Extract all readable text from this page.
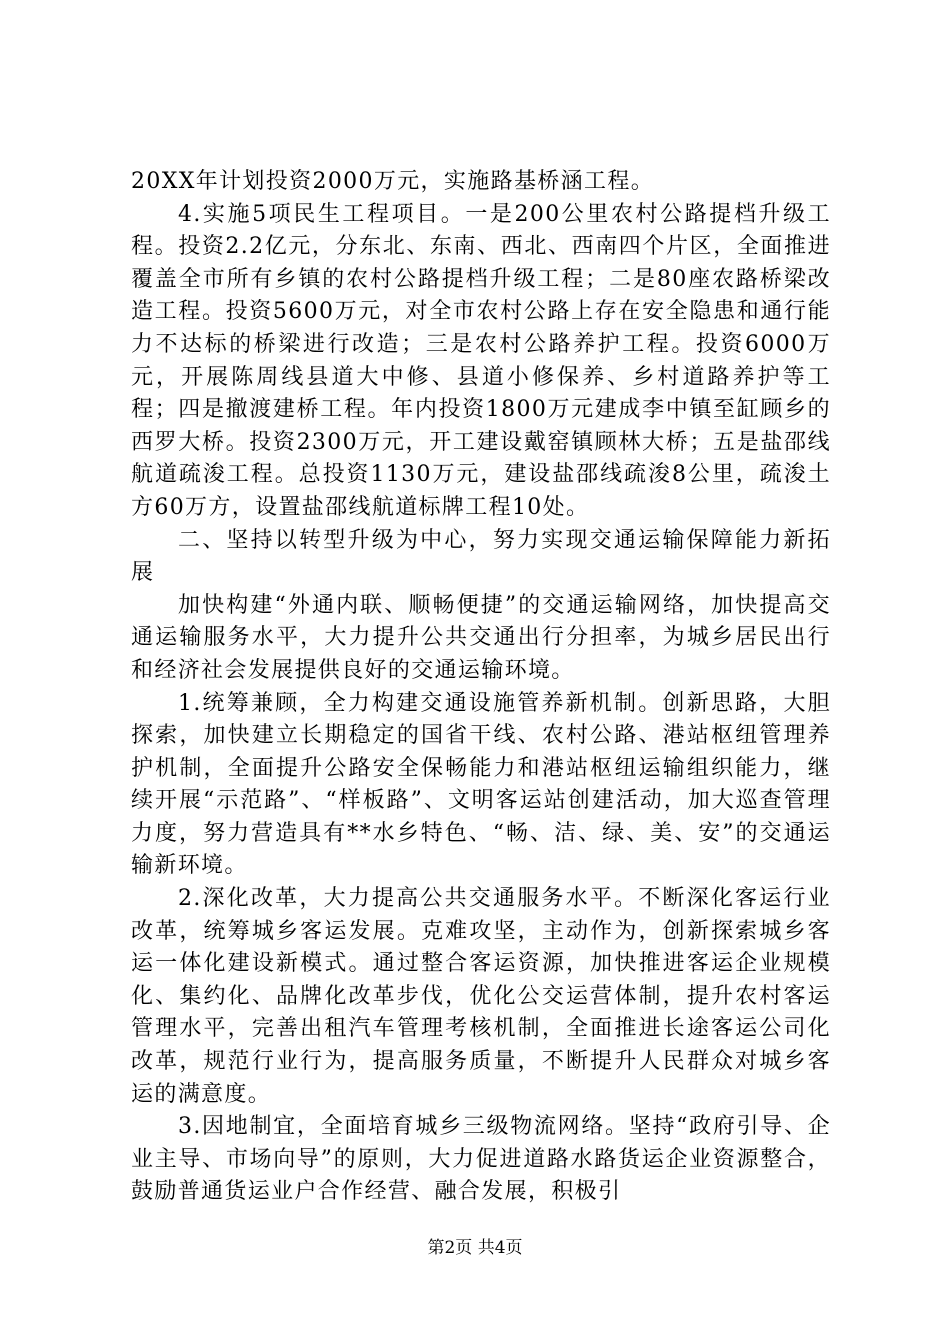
20XX年计划投资2000万元，实施路基桥涵工程。

4.实施5项民生工程项目。一是200公里农村公路提档升级工程。投资2.2亿元，分东北、东南、西北、西南四个片区，全面推进覆盖全市所有乡镇的农村公路提档升级工程；二是80座农路桥梁改造工程。投资5600万元，对全市农村公路上存在安全隐患和通行能力不达标的桥梁进行改造；三是农村公路养护工程。投资6000万元，开展陈周线县道大中修、县道小修保养、乡村道路养护等工程；四是撤渡建桥工程。年内投资1800万元建成李中镇至缸顾乡的西罗大桥。投资2300万元，开工建设戴窑镇顾林大桥；五是盐邵线航道疏浚工程。总投资1130万元，建设盐邵线疏浚8公里，疏浚土方60万方，设置盐邵线航道标牌工程10处。

二、坚持以转型升级为中心，努力实现交通运输保障能力新拓展

加快构建“外通内联、顺畅便捷”的交通运输网络，加快提高交通运输服务水平，大力提升公共交通出行分担率，为城乡居民出行和经济社会发展提供良好的交通运输环境。

1.统筹兼顾，全力构建交通设施管养新机制。创新思路，大胆探索，加快建立长期稳定的国省干线、农村公路、港站枢纽管理养护机制，全面提升公路安全保畅能力和港站枢纽运输组织能力，继续开展“示范路”、“样板路”、文明客运站创建活动，加大巡查管理力度，努力营造具有**水乡特色、“畅、洁、绿、美、安”的交通运输新环境。

2.深化改革，大力提高公共交通服务水平。不断深化客运行业改革，统筹城乡客运发展。克难攻坚，主动作为，创新探索城乡客运一体化建设新模式。通过整合客运资源，加快推进客运企业规模化、集约化、品牌化改革步伐，优化公交运营体制，提升农村客运管理水平，完善出租汽车管理考核机制，全面推进长途客运公司化改革，规范行业行为，提高服务质量，不断提升人民群众对城乡客运的满意度。

3.因地制宜，全面培育城乡三级物流网络。坚持“政府引导、企业主导、市场向导”的原则，大力促进道路水路货运企业资源整合，鼓励普通货运业户合作经营、融合发展，积极引

第2页 共4页
